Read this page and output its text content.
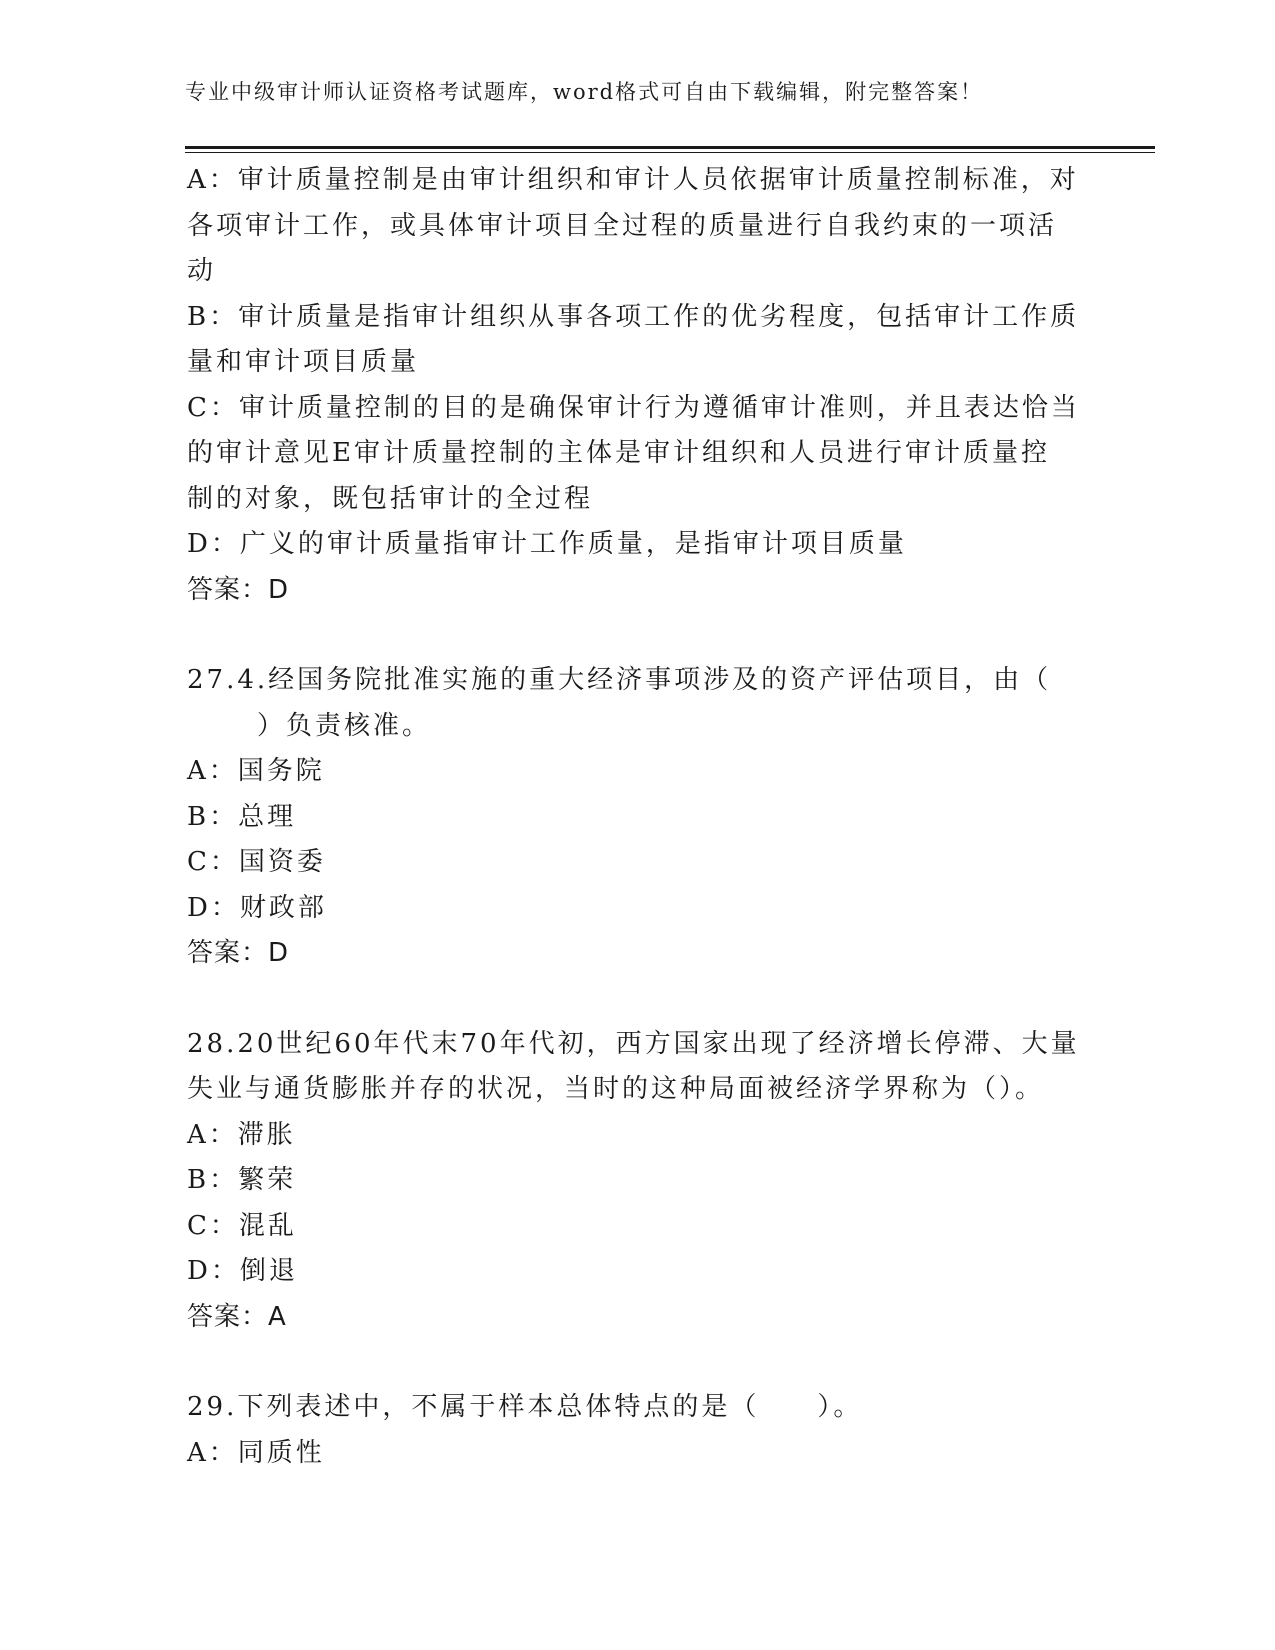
专业中级审计师认证资格考试题库，word格式可自由下载编辑，附完整答案！
A：审计质量控制是由审计组织和审计人员依据审计质量控制标准，对
各项审计工作，或具体审计项目全过程的质量进行自我约束的一项活
动
B：审计质量是指审计组织从事各项工作的优劣程度，包括审计工作质
量和审计项目质量
C：审计质量控制的目的是确保审计行为遵循审计准则，并且表达恰当
的审计意见E审计质量控制的主体是审计组织和人员进行审计质量控
制的对象，既包括审计的全过程
D：广义的审计质量指审计工作质量，是指审计项目质量
答案：D
27.4.经国务院批准实施的重大经济事项涉及的资产评估项目，由（
）负责核准。
A：国务院
B：总理
C：国资委
D：财政部
答案：D
28.20世纪60年代末70年代初，西方国家出现了经济增长停滞、大量
失业与通货膨胀并存的状况，当时的这种局面被经济学界称为（）。
A：滞胀
B：繁荣
C：混乱
D：倒退
答案：A
29.下列表述中，不属于样本总体特点的是（　　）。
A：同质性
